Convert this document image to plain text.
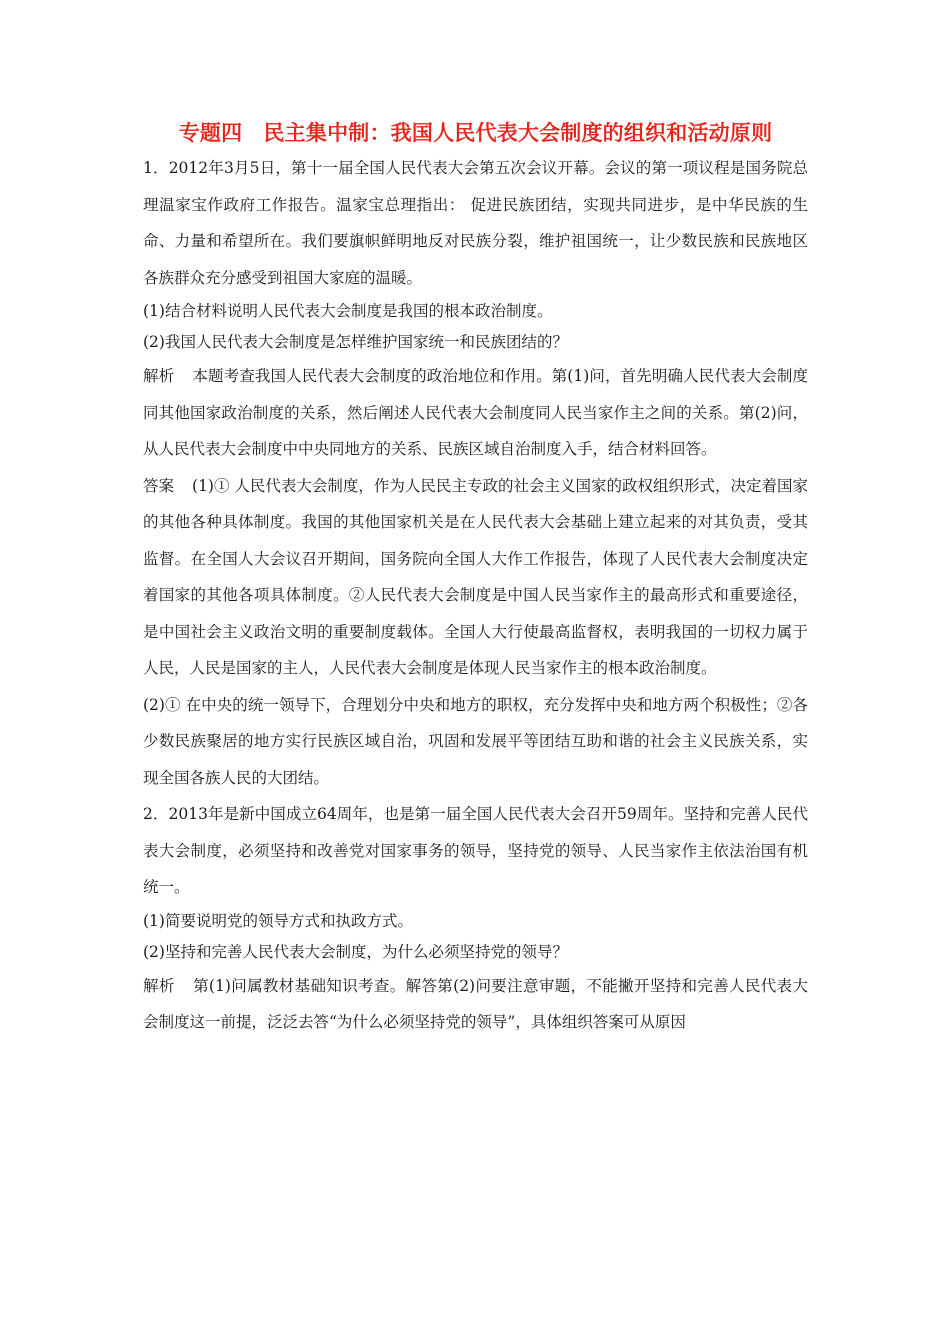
专题四　民主集中制：我国人民代表大会制度的组织和活动原则

1．2012年3月5日，第十一届全国人民代表大会第五次会议开幕。会议的第一项议程是国务院总理温家宝作政府工作报告。温家宝总理指出： 促进民族团结，实现共同进步，是中华民族的生命、力量和希望所在。我们要旗帜鲜明地反对民族分裂，维护祖国统一，让少数民族和民族地区各族群众充分感受到祖国大家庭的温暖。

(1)结合材料说明人民代表大会制度是我国的根本政治制度。

(2)我国人民代表大会制度是怎样维护国家统一和民族团结的？

解析 本题考查我国人民代表大会制度的政治地位和作用。第(1)问，首先明确人民代表大会制度同其他国家政治制度的关系，然后阐述人民代表大会制度同人民当家作主之间的关系。第(2)问，从人民代表大会制度中中央同地方的关系、民族区域自治制度入手，结合材料回答。

答案 (1)① 人民代表大会制度，作为人民民主专政的社会主义国家的政权组织形式，决定着国家的其他各种具体制度。我国的其他国家机关是在人民代表大会基础上建立起来的对其负责，受其监督。在全国人大会议召开期间，国务院向全国人大作工作报告，体现了人民代表大会制度决定着国家的其他各项具体制度。②人民代表大会制度是中国人民当家作主的最高形式和重要途径，是中国社会主义政治文明的重要制度载体。全国人大行使最高监督权，表明我国的一切权力属于人民，人民是国家的主人，人民代表大会制度是体现人民当家作主的根本政治制度。

(2)① 在中央的统一领导下，合理划分中央和地方的职权，充分发挥中央和地方两个积极性；②各少数民族聚居的地方实行民族区域自治，巩固和发展平等团结互助和谐的社会主义民族关系，实现全国各族人民的大团结。

2．2013年是新中国成立64周年，也是第一届全国人民代表大会召开59周年。坚持和完善人民代表大会制度，必须坚持和改善党对国家事务的领导，坚持党的领导、人民当家作主依法治国有机统一。

(1)简要说明党的领导方式和执政方式。

(2)坚持和完善人民代表大会制度，为什么必须坚持党的领导？

解析 第(1)问属教材基础知识考查。解答第(2)问要注意审题，不能撇开坚持和完善人民代表大会制度这一前提，泛泛去答“为什么必须坚持党的领导”，具体组织答案可从原因
